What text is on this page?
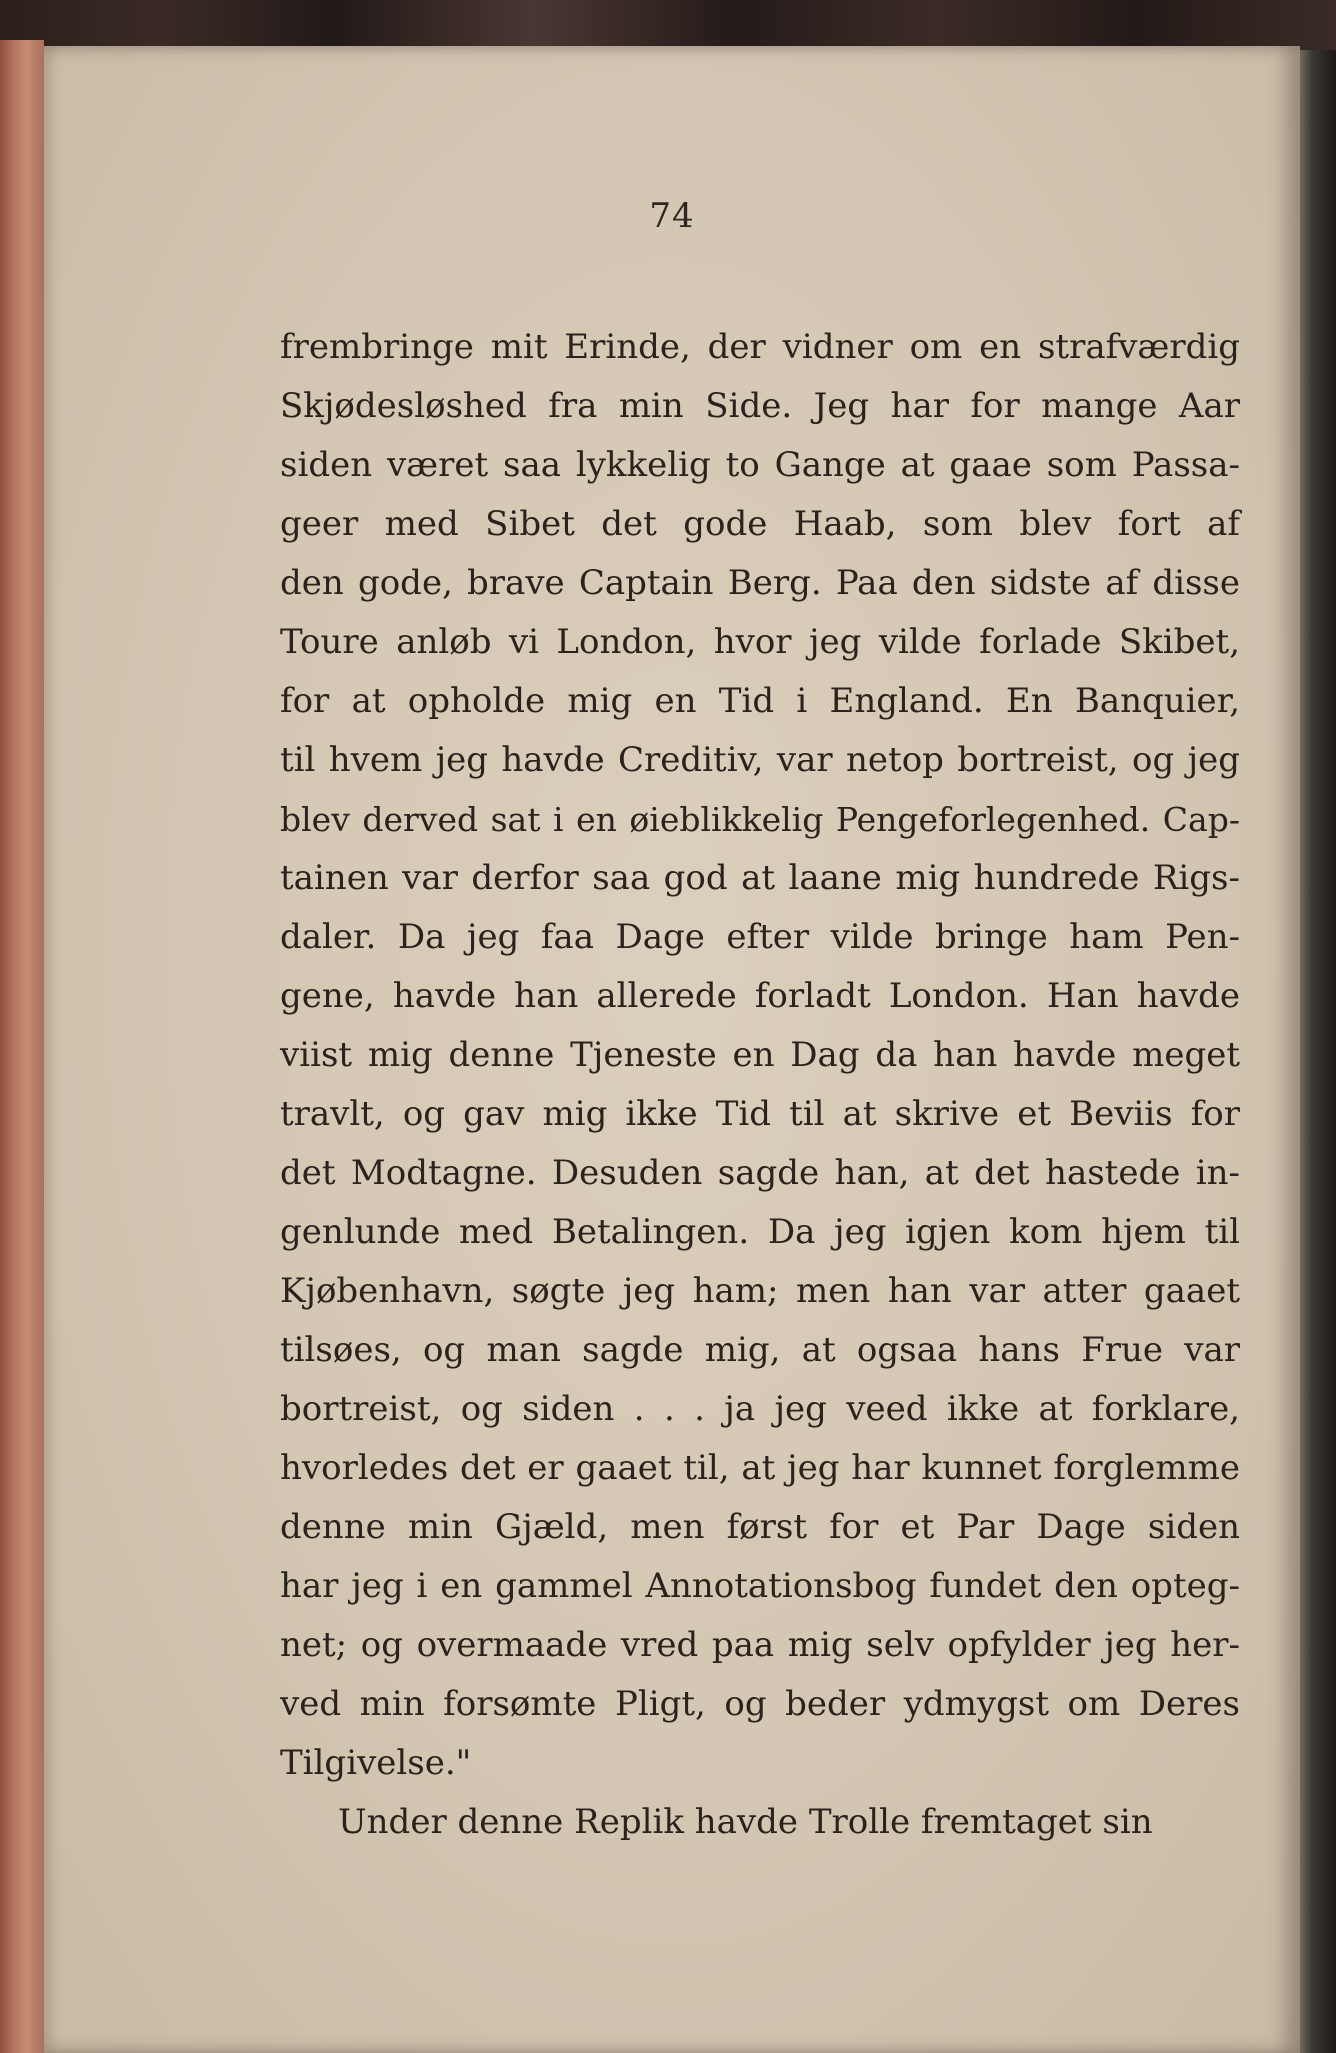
74
frembringe mit Erinde, der vidner om en strafværdig
Skjødesløshed fra min Side. Jeg har for mange Aar
siden været saa lykkelig to Gange at gaae som Passa-
geer med Sibet det gode Haab, som blev fort af
den gode, brave Captain Berg. Paa den sidste af disse
Toure anløb vi London, hvor jeg vilde forlade Skibet,
for at opholde mig en Tid i England. En Banquier,
til hvem jeg havde Creditiv, var netop bortreist, og jeg
blev derved sat i en øieblikkelig Pengeforlegenhed. Cap-
tainen var derfor saa god at laane mig hundrede Rigs-
daler. Da jeg faa Dage efter vilde bringe ham Pen-
gene, havde han allerede forladt London. Han havde
viist mig denne Tjeneste en Dag da han havde meget
travlt, og gav mig ikke Tid til at skrive et Beviis for
det Modtagne. Desuden sagde han, at det hastede in-
genlunde med Betalingen. Da jeg igjen kom hjem til
Kjøbenhavn, søgte jeg ham; men han var atter gaaet
tilsøes, og man sagde mig, at ogsaa hans Frue var
bortreist, og siden . . . ja jeg veed ikke at forklare,
hvorledes det er gaaet til, at jeg har kunnet forglemme
denne min Gjæld, men først for et Par Dage siden
har jeg i en gammel Annotationsbog fundet den opteg-
net; og overmaade vred paa mig selv opfylder jeg her-
ved min forsømte Pligt, og beder ydmygst om Deres
Tilgivelse."
Under denne Replik havde Trolle fremtaget sin
